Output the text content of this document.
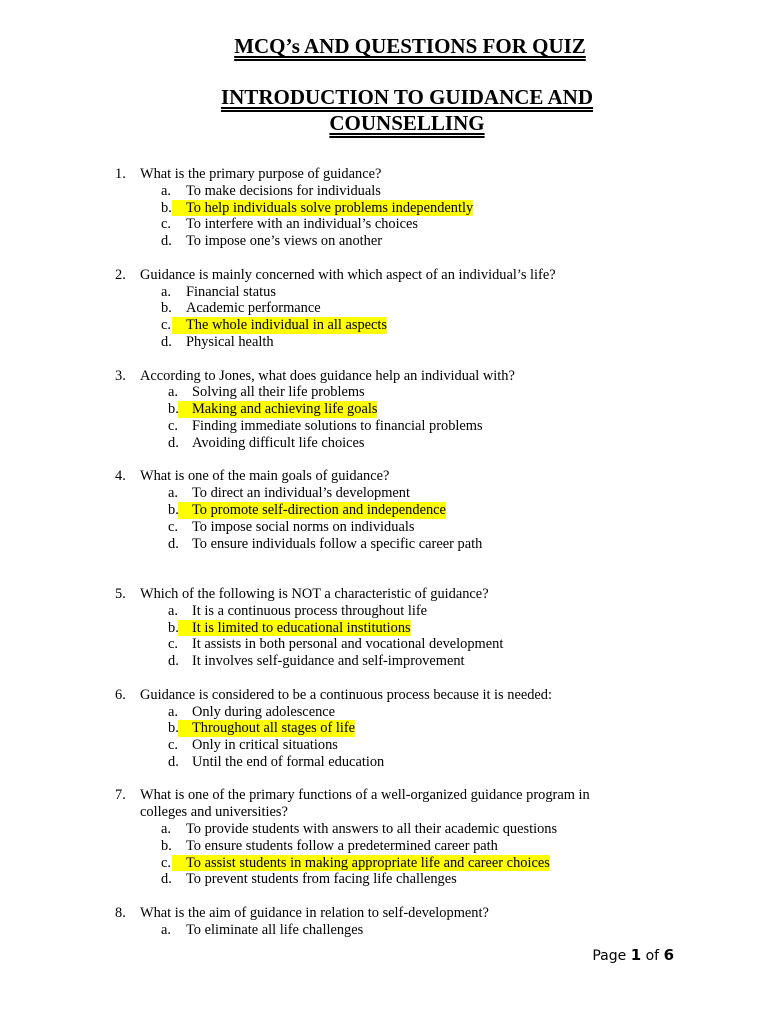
MCQ’s AND QUESTIONS FOR QUIZ
INTRODUCTION TO GUIDANCE AND
COUNSELLING
1. What is the primary purpose of guidance?
a. To make decisions for individuals
b. To help individuals solve problems independently
c. To interfere with an individual’s choices
d. To impose one’s views on another
2. Guidance is mainly concerned with which aspect of an individual’s life?
a. Financial status
b. Academic performance
c. The whole individual in all aspects
d. Physical health
3. According to Jones, what does guidance help an individual with?
a. Solving all their life problems
b. Making and achieving life goals
c. Finding immediate solutions to financial problems
d. Avoiding difficult life choices
4. What is one of the main goals of guidance?
a. To direct an individual’s development
b. To promote self-direction and independence
c. To impose social norms on individuals
d. To ensure individuals follow a specific career path
5. Which of the following is NOT a characteristic of guidance?
a. It is a continuous process throughout life
b. It is limited to educational institutions
c. It assists in both personal and vocational development
d. It involves self-guidance and self-improvement
6. Guidance is considered to be a continuous process because it is needed:
a. Only during adolescence
b. Throughout all stages of life
c. Only in critical situations
d. Until the end of formal education
7. What is one of the primary functions of a well-organized guidance program in colleges and universities?
a. To provide students with answers to all their academic questions
b. To ensure students follow a predetermined career path
c. To assist students in making appropriate life and career choices
d. To prevent students from facing life challenges
8. What is the aim of guidance in relation to self-development?
a. To eliminate all life challenges
Page 1 of 6
